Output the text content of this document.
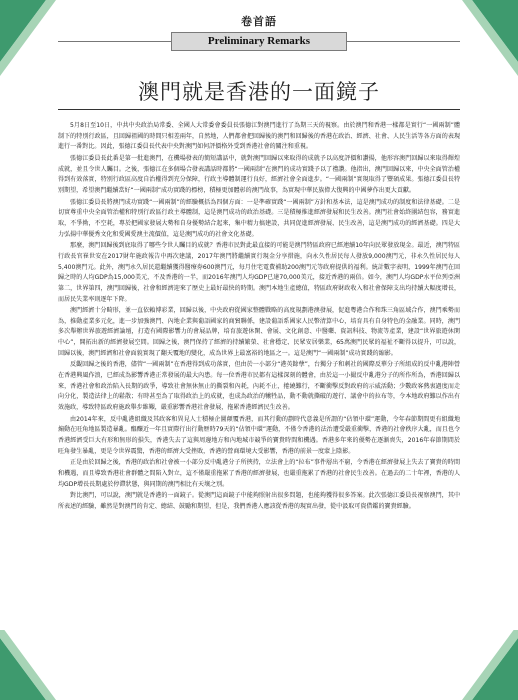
卷首語
Preliminary Remarks
澳門就是香港的一面鏡子

5月8日至10日，中共中央政治局常委、全國人大常委會委員長張德江對澳門進行了為期三天的視察。由於澳門和香港一樣都是實行“一國兩制”體制下的特別行政區，且回歸祖國的時間只相差兩年，自然地，人們都會把回歸後的澳門和回歸後的香港在政治、經濟、社會、人民生活等各方面的表現進行一番對比。因此，張德江委員長代表中央對澳門如何評價格外受到香港社會的關注和重視。

張德江委員長此番是第一批進澳門，在機場發表的簡短講話中，就對澳門回歸以來取得的成就予以高度評價和讚揚，他形容澳門回歸以來取得輝煌成就，並且令世人矚目。之後，張德江在多個場合發表講話時都將“一國兩制”在澳門的成功實踐予以了禮讚。他指出，澳門回歸以來，中央全面管治權得到有效落實，特別行政區高度自治權得到充分保障，行政主導體制運行良好，經濟社會全面進步。“一國兩制”實現取得了豐碩成果。張德江委員長特別期望，希望澳門繼續當好“一國兩制”成功實踐的標榜，積極更加體彰的澳門故事，為實現中華民族偉大復興的中國夢作出更大貢獻。

張德江委員長將澳門成功實踐“一國兩制”的經驗概括為四個方面：一是準確實踐“一國兩制”方針和基本法，這是澳門成功的制度和法律基礎。二是切實尊重中央全面管治權和特別行政區行政主導體制，這是澳門成功的政治基礎。三是積極推進經濟發展和民生改善。澳門社會始終團結包容，務實進取，不爭拗，不空耗，專於把國家發展大勢和自身優勢結合起來，集中精力搞建設，共同促進經濟發展、民生改善，這是澳門成功的經濟基礎。四是大力弘揚中華優秀文化和愛國愛澳主流價值，這是澳門成功的社會文化基礎。

那麼，澳門回歸後到底取得了哪些令世人矚目的成就？香港市民對此最直接的可能是澳門特區政府已經連續10年向民眾發放現金。最近，澳門特區行政長官崔世安在2017財年施政報告中再次建議，2017年澳門將繼續實行現金分享措施，向永久性居民每人發放9,000澳門元，非永久性居民每人5,400澳門元。此外，澳門永久居民還繼續獲得醫療券600澳門元，每月住宅電費補助200澳門元等政府提供的福利。統計數字表明，1999年澳門在回歸之時的人均GDP為15,000美元，不及香港的一半，而2016年澳門人均GDP已達70,000美元，接近香港的兩倍。如今，澳門人均GDP水平位列亞洲第二，世界第四，澳門回歸後，社會和經濟迎來了歷史上最好最快的時期。澳門本地生產總值，特區政府財政收入和社會保障支出均持續大幅度增長，而居民失業率則逐年下降。

澳門經濟十分畸形，並一直依賴博彩業，回歸以後，中央政府從國家整體戰略的高度規劃港澳發展，促進粵港合作和珠三角區域合作，澳門乘勢而為，推動產業多元化，進一步加強澳門、內地企業與葡語國家的商貿聯係，建設葡語系國家人民幣清算中心，培育具有自身特色的金融業。同時，澳門多次舉辦世界旅遊經濟論壇，打造有國際影響力的會展品牌，培育旅遊休閑、會展、文化創意、中醫藥、資訊科技、物流等產業，建設“世界旅遊休閑中心”，開拓出新的經濟發展空間。回歸之後，澳門保持了經濟的持續繁榮、社會穩定、民眾安居樂業，65萬澳門民眾的福祉不斷得以提升，可以說，回歸以後，澳門經濟和社會面貌實現了翻天覆地的變化，成為世界上最富裕的地區之一。這是澳門“一國兩制”成功實踐的縮影。

反觀回歸之後的香港，儘管“一國兩制”在香港得到成功落實，但由於一小部分“港英餘孽”，台獨分子和刺社的國際反華分子所組成的反中亂港陣營在香港興風作浪，已經成為影響香港正常發展的最大內患。每一位香港市民都有這樣深刻的體會，由於這一小撮反中亂港分子的所作所為，香港回歸以來，香港社會和政治陷入長期的政爭，導致社會無休無止的撕裂和內耗，內耗不止，捲繞難行，不斷衝擊反對政府的示威活動；少數政客熱衷過度而走向分化，製造法律上的鬆散；有時甚至為了取得政治上的成就，也成為政治的犧牲品，動不動就撕破的遊行、議會中的拉布等，令本地政府難以作出有效施政，導致特區政府施政舉步維艱，嚴重影響香港社會發展，拖累香港經濟民生改善。

由2014年來，反中亂港組織及其政客和異見人士積極企圖顛覆香港，而其行動的劃時代意義是所謂的“佔領中環”運動，令年春節期間更有組織地煽動在旺角地區製造暴亂。醞釀近一年且實際行出行動歷時79天的“佔領中環”運動，不僅令香港的法治遭受嚴重衝擊，香港的社會秩序大亂，而且也令香港經濟受巨大有形和無形的損失，香港失去了這與周邊地方和內地城市競爭的寶貴時間和機遇。香港多年來的優勢在逐漸喪失，2016年春節期間於旺角發生暴亂，更是令世界震驚，香港的經濟大受挫敗，香港的營商環境大受影響，香港的前景一度蒙上陰影。

正是由於回歸之後，香港的政治和社會被一小部分反中亂港分子所挾持，立法會上的“拉布”事件層出不窮，令香港在經濟發展上失去了寶貴的時間和機遇，而且導致香港社會群體之間陷入對立，這不僅嚴重拖累了香港的經濟發展，也嚴重拖累了香港的社會民生改善。在過去的二十年裡，香港的人均GDP增長長期處於停滯狀態，與同期的澳門相比有天壤之別。

對比澳門，可以說，澳門就是香港的一面鏡子。從澳門這面鏡子中能夠照射出很多問題，也能夠獲得很多答案。此次張德江委員長視察澳門，其中所表述的經驗，雖然是對澳門的肯定、總結、鼓勵和期望，但是，我們香港人應該從香港的現實出發，從中汲取可資借鑑的寶貴經驗。
